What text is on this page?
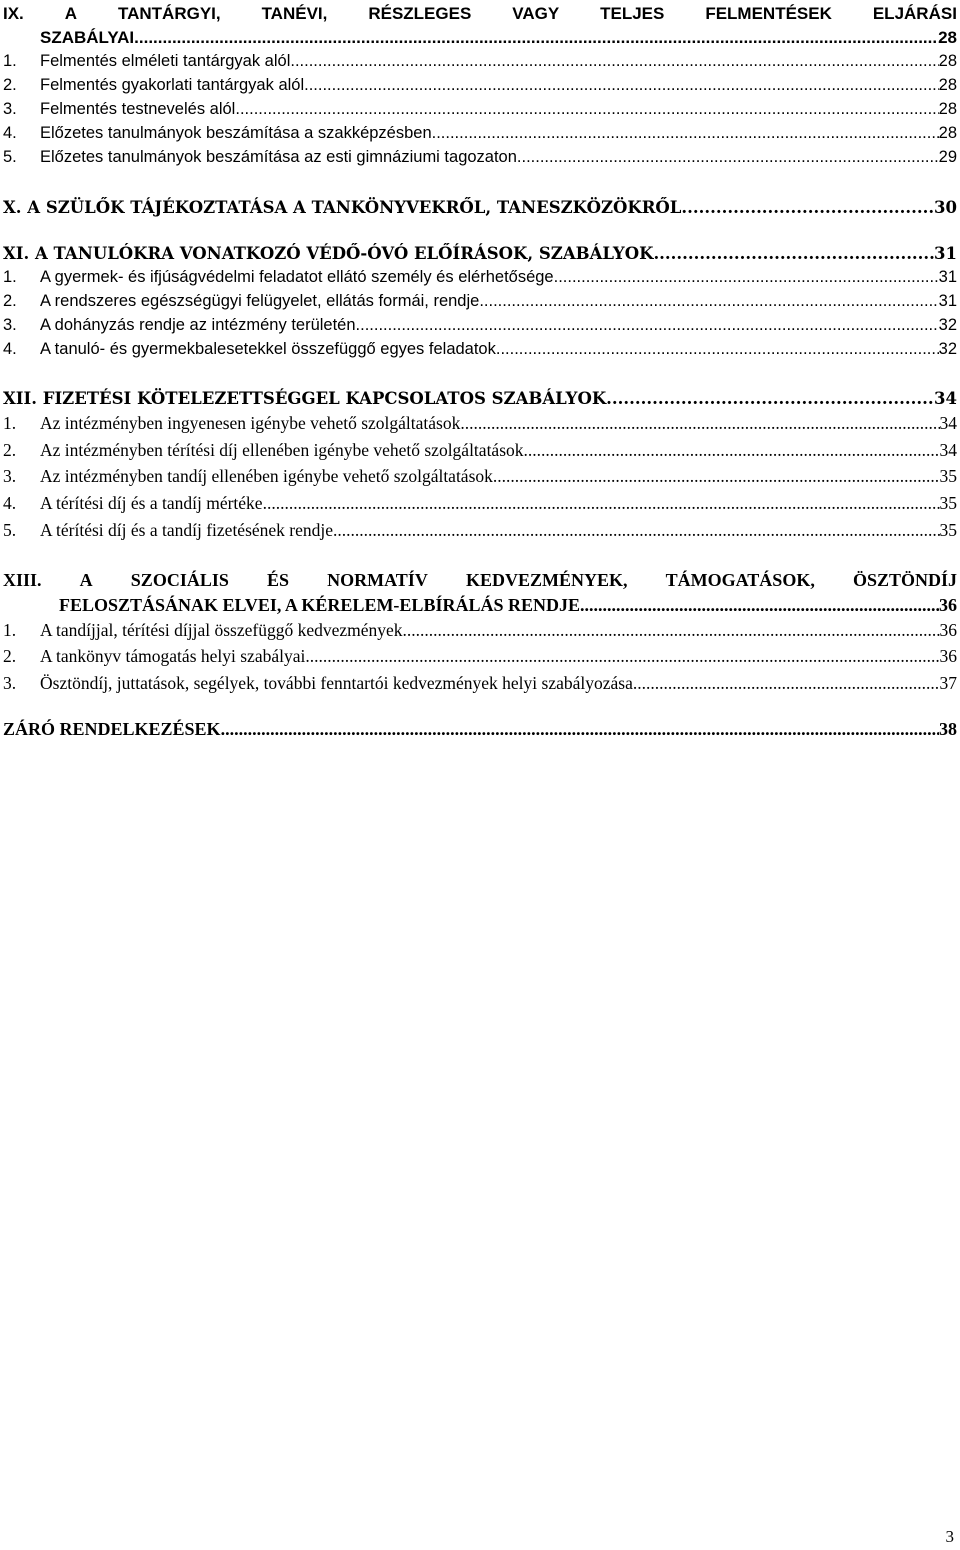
IX. A TANTÁRGYI, TANÉVI, RÉSZLEGES VAGY TELJES FELMENTÉSEK ELJÁRÁSI
SZABÁLYAI .....	28
1.	Felmentés elméleti tantárgyak alól .....	28
2.	Felmentés gyakorlati tantárgyak alól .....	28
3.	Felmentés testnevelés alól .....	28
4.	Előzetes tanulmányok beszámítása a szakképzésben .....	28
5.	Előzetes tanulmányok beszámítása az esti gimnáziumi tagozaton .....	29
X. A SZÜLŐK TÁJÉKOZTATÁSA A TANKÖNYVEKRŐL, TANESZKÖZÖKRŐL .....	30
XI. A TANULÓKRA VONATKOZÓ VÉDŐ-ÓVÓ ELŐÍRÁSOK, SZABÁLYOK .....	31
1.	A gyermek- és ifjúságvédelmi feladatot ellátó személy és elérhetősége .....	31
2.	A rendszeres egészségügyi felügyelet, ellátás formái, rendje .....	31
3.	A dohányzás rendje az intézmény területén .....	32
4.	A tanuló- és gyermekbalesetekkel összefüggő egyes feladatok .....	32
XII. FIZETÉSI KÖTELEZETTSÉGGEL KAPCSOLATOS SZABÁLYOK .....	34
1.	Az intézményben ingyenesen igénybe vehető szolgáltatások .....	34
2.	Az intézményben térítési díj ellenében igénybe vehető szolgáltatások .....	34
3.	Az intézményben tandíj ellenében igénybe vehető szolgáltatások .....	35
4.	A térítési díj és a tandíj mértéke .....	35
5.	A térítési díj és a tandíj fizetésének rendje .....	35
XIII. A SZOCIÁLIS ÉS NORMATÍV KEDVEZMÉNYEK, TÁMOGATÁSOK, ÖSZTÖNDÍJ
FELOSZTÁSÁNAK ELVEI, A KÉRELEM-ELBÍRÁLÁS RENDJE .....	36
1.	A tandíjjal, térítési díjjal összefüggő kedvezmények .....	36
2.	A tankönyv támogatás helyi szabályai .....	36
3.	Ösztöndíj, juttatások, segélyek, további fenntartói kedvezmények helyi szabályozása .....	37
ZÁRÓ RENDELKEZÉSEK .....	38
3
